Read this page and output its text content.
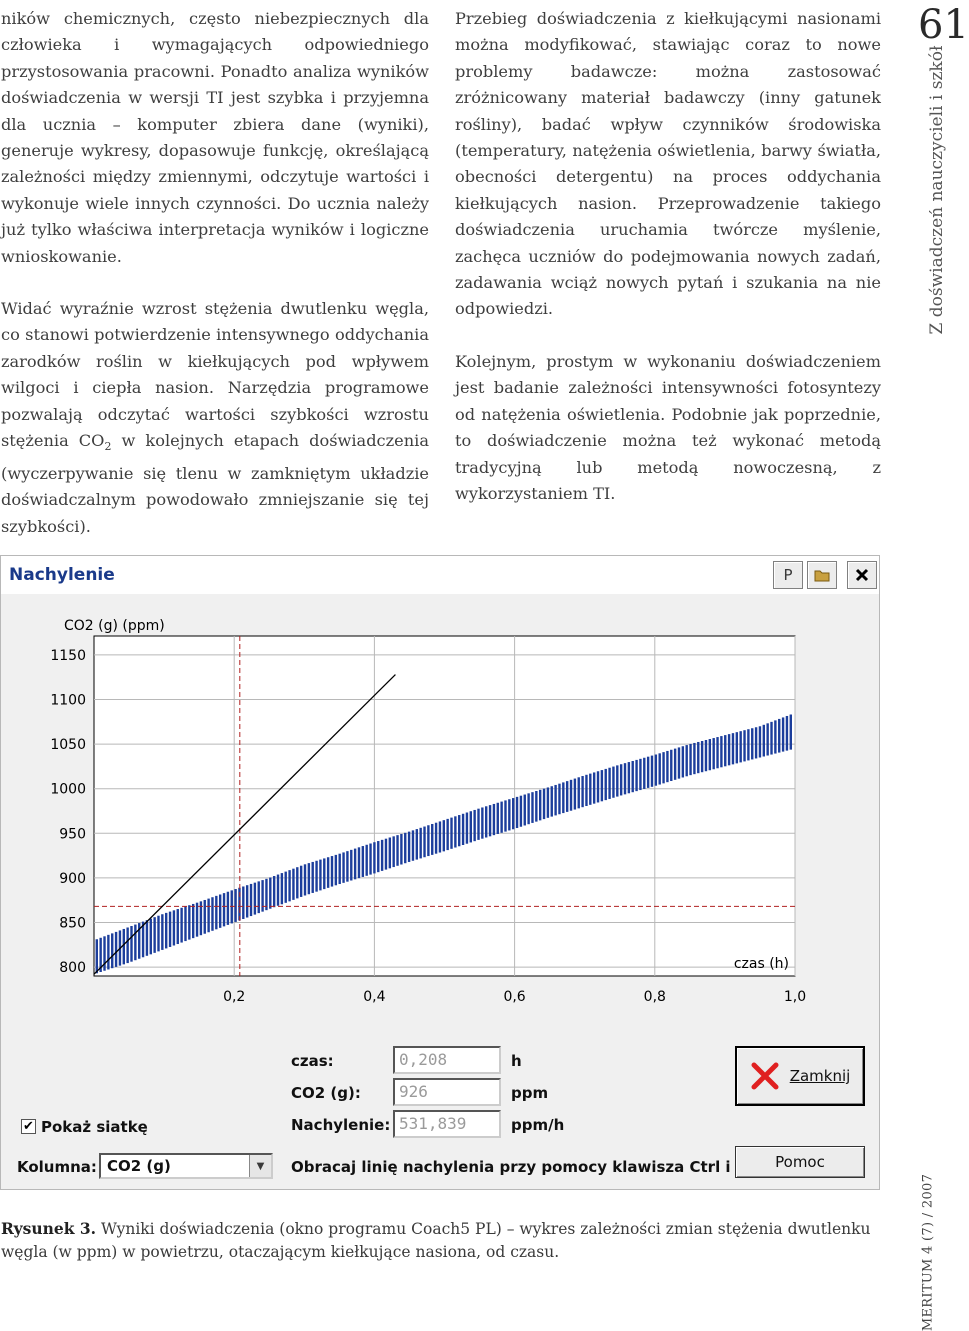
61
Z doświadczeń nauczycieli i szkół
MERITUM 4 (7) / 2007

ników chemicznych, często niebezpiecznych dla człowieka i wymagających odpowiedniego przystosowania pracowni. Ponadto analiza wyników doświadczenia w wersji TI jest szybka i przyjemna dla ucznia – komputer zbiera dane (wyniki), generuje wykresy, dopasowuje funkcję, określającą zależności między zmiennymi, odczytuje wartości i wykonuje wiele innych czynności. Do ucznia należy już tylko właściwa interpretacja wyników i logiczne wnioskowanie.

Widać wyraźnie wzrost stężenia dwutlenku węgla, co stanowi potwierdzenie intensywnego oddychania zarodków roślin w kiełkujących pod wpływem wilgoci i ciepła nasion. Narzędzia programowe pozwalają odczytać wartości szybkości wzrostu stężenia $CO_2$ w kolejnych etapach doświadczenia (wyczerpywanie się tlenu w zamkniętym układzie doświadczalnym powodowało zmniejszanie się tej szybkości).

Przebieg doświadczenia z kiełkującymi nasionami można modyfikować, stawiając coraz to nowe problemy badawcze: można zastosować zróżnicowany materiał badawczy (inny gatunek rośliny), badać wpływ czynników środowiska (temperatury, natężenia oświetlenia, barwy światła, obecności detergentu) na proces oddychania kiełkujących nasion. Przeprowadzenie takiego doświadczenia uruchamia twórcze myślenie, zachęca uczniów do podejmowania nowych zadań, zadawania wciąż nowych pytań i szukania na nie odpowiedzi.

Kolejnym, prostym w wykonaniu doświadczeniem jest badanie zależności intensywności fotosyntezy od natężenia oświetlenia. Podobnie jak poprzednie, to doświadczenie można też wykonać metodą tradycyjną lub metodą nowoczesną, z wykorzystaniem TI.

Nachylenie	P
1150
1100
1050
1000
950
900
850
800
0,2	0,4	0,6	0,8	1,0
CO2 (g) (ppm)
czas (h)
czas:	0,208	h
CO2 (g):	926	ppm
Nachylenie: 531,839	ppm/h
Zamknij
✔ Pokaż siatkę
Kolumna: CO2 (g)	▼	Obracaj linię nachylenia przy pomocy klawisza Ctrl i	Pomoc
Rysunek 3. Wyniki doświadczenia (okno programu Coach5 PL) – wykres zależności zmian stężenia dwutlenku węgla (w ppm) w powietrzu, otaczającym kiełkujące nasiona, od czasu.
